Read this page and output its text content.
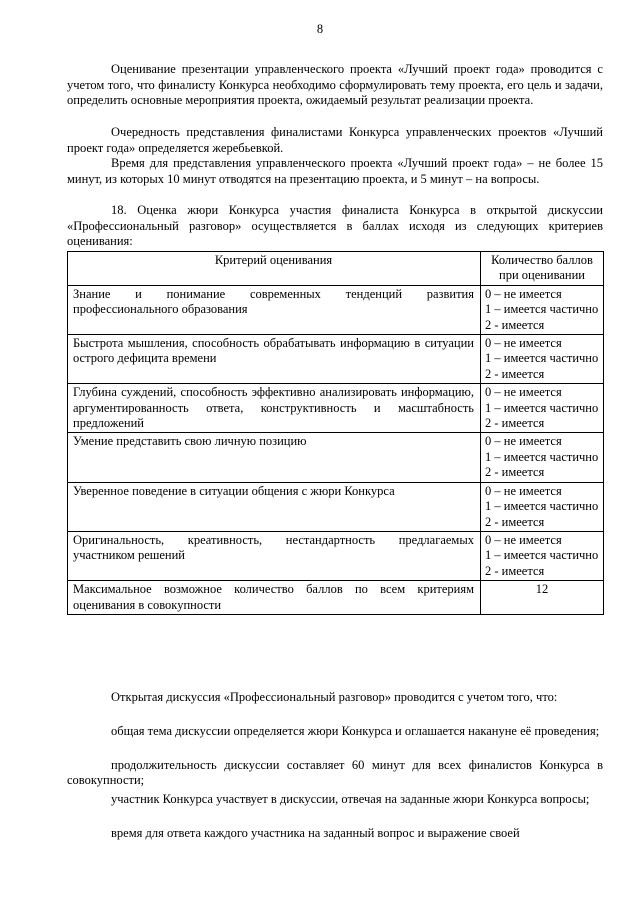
8

Оценивание презентации управленческого проекта «Лучший проект года» проводится с учетом того, что финалисту Конкурса необходимо сформулировать тему проекта, его цель и задачи, определить основные мероприятия проекта, ожидаемый результат реализации проекта.

Очередность представления финалистами Конкурса управленческих проектов «Лучший проект года» определяется жеребьевкой.

Время для представления управленческого проекта «Лучший проект года» – не более 15 минут, из которых 10 минут отводятся на презентацию проекта, и 5 минут – на вопросы.

18. Оценка жюри Конкурса участия финалиста Конкурса в открытой дискуссии «Профессиональный разговор» осуществляется в баллах исходя из следующих критериев оценивания:

Критерий оценивания	Количество баллов при оценивании
Знание и понимание современных тенденций развития профессионального образования	0 – не имеется
1 – имеется частично
2 - имеется

Быстрота мышления, способность обрабатывать информацию в ситуации острого дефицита времени	0 – не имеется
1 – имеется частично
2 - имеется

Глубина суждений, способность эффективно анализировать информацию, аргументированность ответа, конструктивность и масштабность предложений	0 – не имеется
1 – имеется частично
2 - имеется

Умение представить свою личную позицию	0 – не имеется
1 – имеется частично
2 - имеется

Уверенное поведение в ситуации общения с жюри Конкурса	0 – не имеется
1 – имеется частично
2 - имеется

Оригинальность, креативность, нестандартность предлагаемых участником решений	0 – не имеется
1 – имеется частично
2 - имеется

Максимальное возможное количество баллов по всем критериям оценивания в совокупности	12

Открытая дискуссия «Профессиональный разговор» проводится с учетом того, что:

общая тема дискуссии определяется жюри Конкурса и оглашается накануне её проведения;

продолжительность дискуссии составляет 60 минут для всех финалистов Конкурса в совокупности;

участник Конкурса участвует в дискуссии, отвечая на заданные жюри Конкурса вопросы;

время для ответа каждого участника на заданный вопрос и выражение своей
